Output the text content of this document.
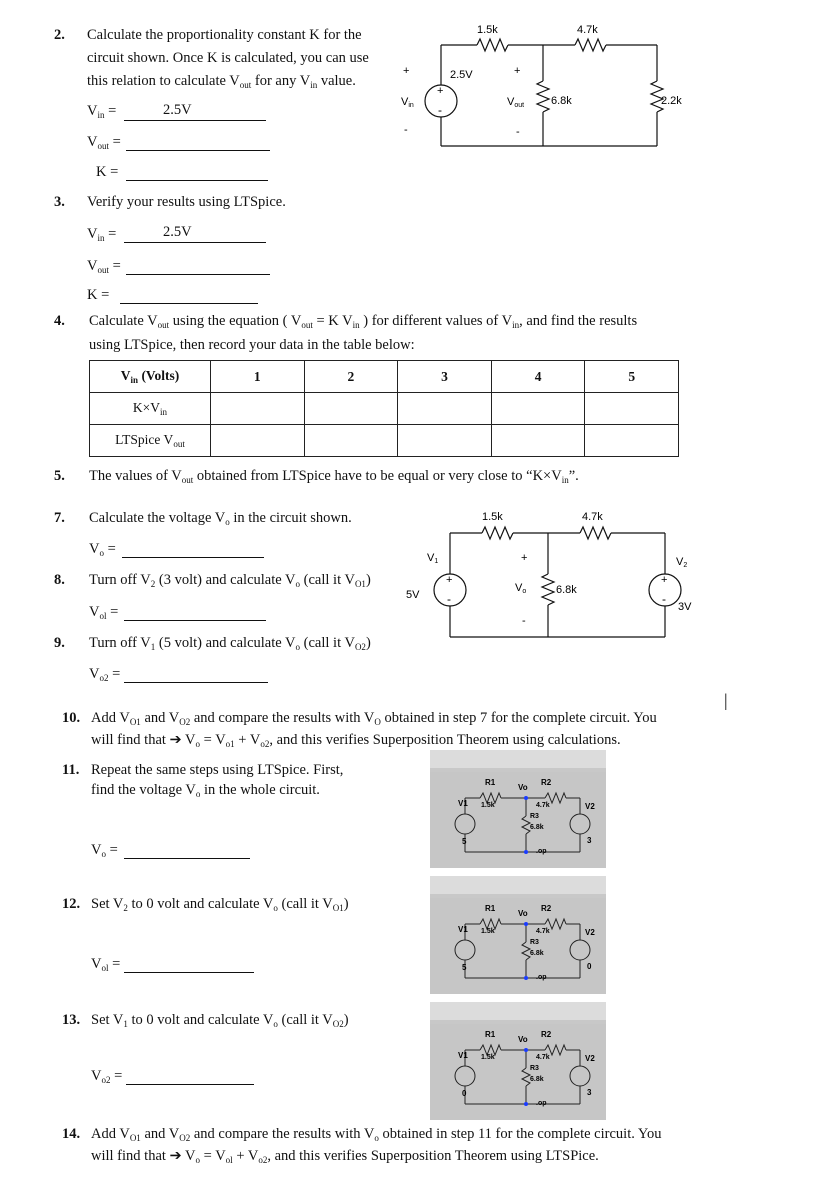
2. Calculate the proportionality constant K for the
circuit shown. Once K is calculated, you can use
this relation to calculate $V_{out}$ for any $V_{in}$ value.
$V_{in}$ =	2.5V
$V_{out}$ =
K =
1.5k	4.7k
6.8k	2.2k
2.5V
+
-
+
Vin
-
+
Vout
-
3. Verify your results using LTSpice.
$V_{in}$ =	2.5V
$V_{out}$ =
K =
4. Calculate $V_{out}$ using the equation ( $V_{out} = K$ $V_{in}$ ) for different values of $V_{in}$, and find the results
using LTSpice, then record your data in the table below:
$V_{in}$ (Volts)	1	2	3	4	5
$K\times V_{in}$					
LTSpice $V_{out}$					
5. The values of $V_{out}$ obtained from LTSpice have to be equal or very close to “$K\times V_{in}$”.
7. Calculate the voltage $V_o$ in the circuit shown.
$V_o$ =
8. Turn off $V_2$ (3 volt) and calculate $V_o$ (call it $V_{O1}$)
$V_{ol}$ =
9. Turn off $V_1$ (5 volt) and calculate $V_o$ (call it $V_{O2}$)
$V_{o2}$ =
1.5k	4.7k
6.8k
V1
5V
+
-
V2
3V
+
-
+
Vo
-
|
10. Add $V_{O1}$ and $V_{O2}$ and compare the results with $V_O$ obtained in step 7 for the complete circuit. You
will find that ➔ $V_o = V_{o1} + V_{o2}$, and this verifies Superposition Theorem using calculations.
11. Repeat the same steps using LTSpice. First,
find the voltage $V_o$ in the whole circuit.
$V_o$ =
12. Set $V_2$ to 0 volt and calculate $V_o$ (call it $V_{O1}$)
$V_{ol}$ =
13. Set $V_1$ to 0 volt and calculate $V_o$ (call it $V_{O2}$)
$V_{o2}$ =
14. Add $V_{O1}$ and $V_{O2}$ and compare the results with $V_o$ obtained in step 11 for the complete circuit. You
will find that ➔ $V_o = V_{ol} + V_{o2}$, and this verifies Superposition Theorem using LTSPice.
R1
1.5k
R2
4.7k
Vo
R3
6.8k
V1
5
V2
3
.op
R1
1.5k
R2
4.7k
Vo
R3
6.8k
V1
5
V2
0
.op
R1
1.5k
R2
4.7k
Vo
R3
6.8k
V1
0
V2
3
.op
